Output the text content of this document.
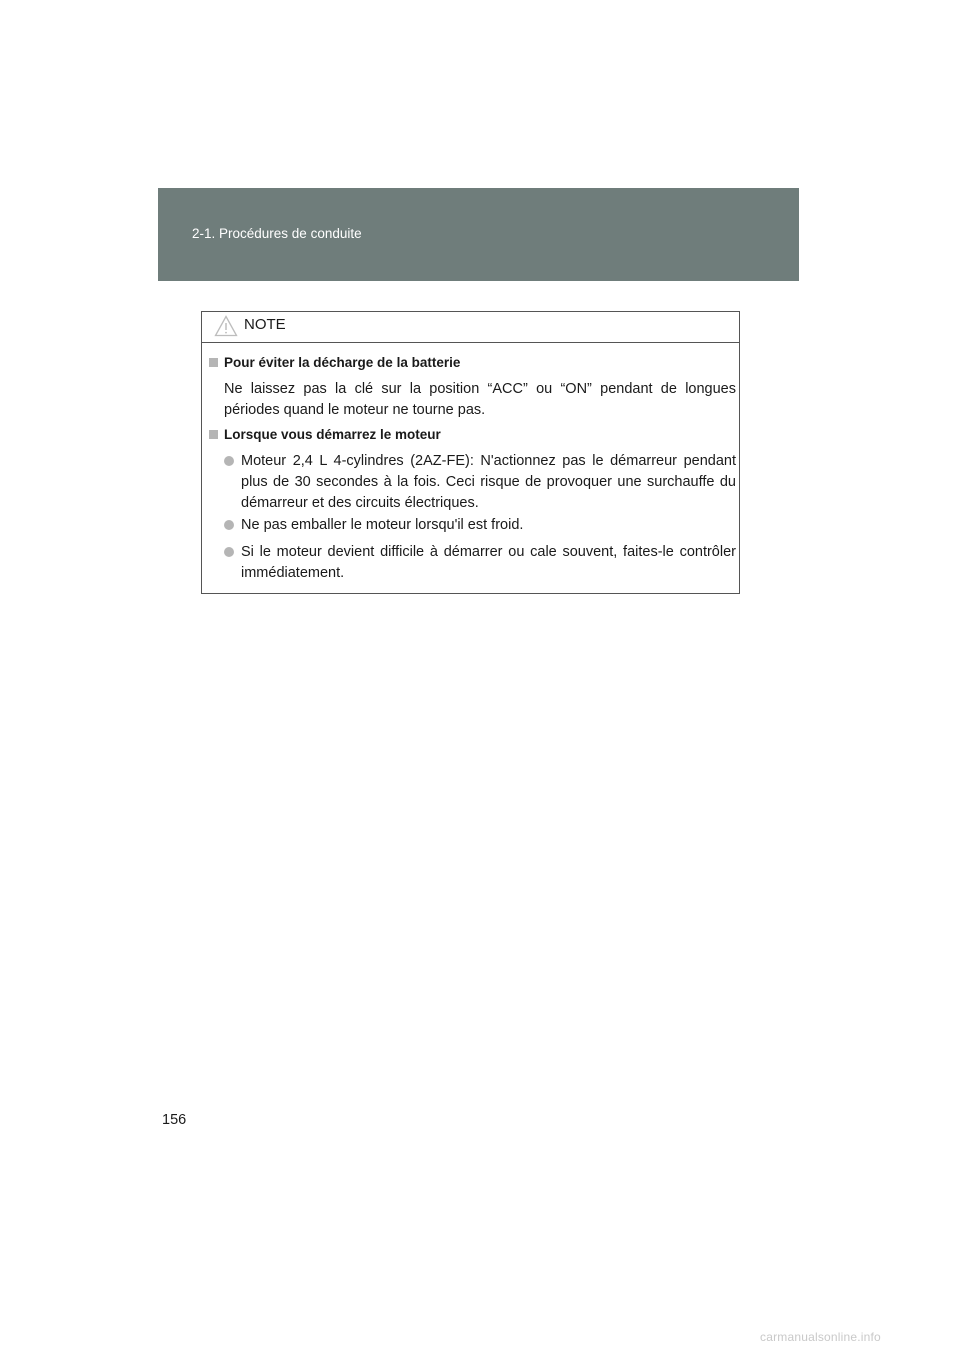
2-1. Procédures de conduite
NOTE
Pour éviter la décharge de la batterie
Ne laissez pas la clé sur la position “ACC” ou “ON” pendant de longues périodes quand le moteur ne tourne pas.
Lorsque vous démarrez le moteur
Moteur 2,4 L 4-cylindres (2AZ-FE): N'actionnez pas le démarreur pendant plus de 30 secondes à la fois. Ceci risque de provoquer une surchauffe du démarreur et des circuits électriques.
Ne pas emballer le moteur lorsqu'il est froid.
Si le moteur devient difficile à démarrer ou cale souvent, faites-le contrôler immédiatement.
156
carmanualsonline.info
